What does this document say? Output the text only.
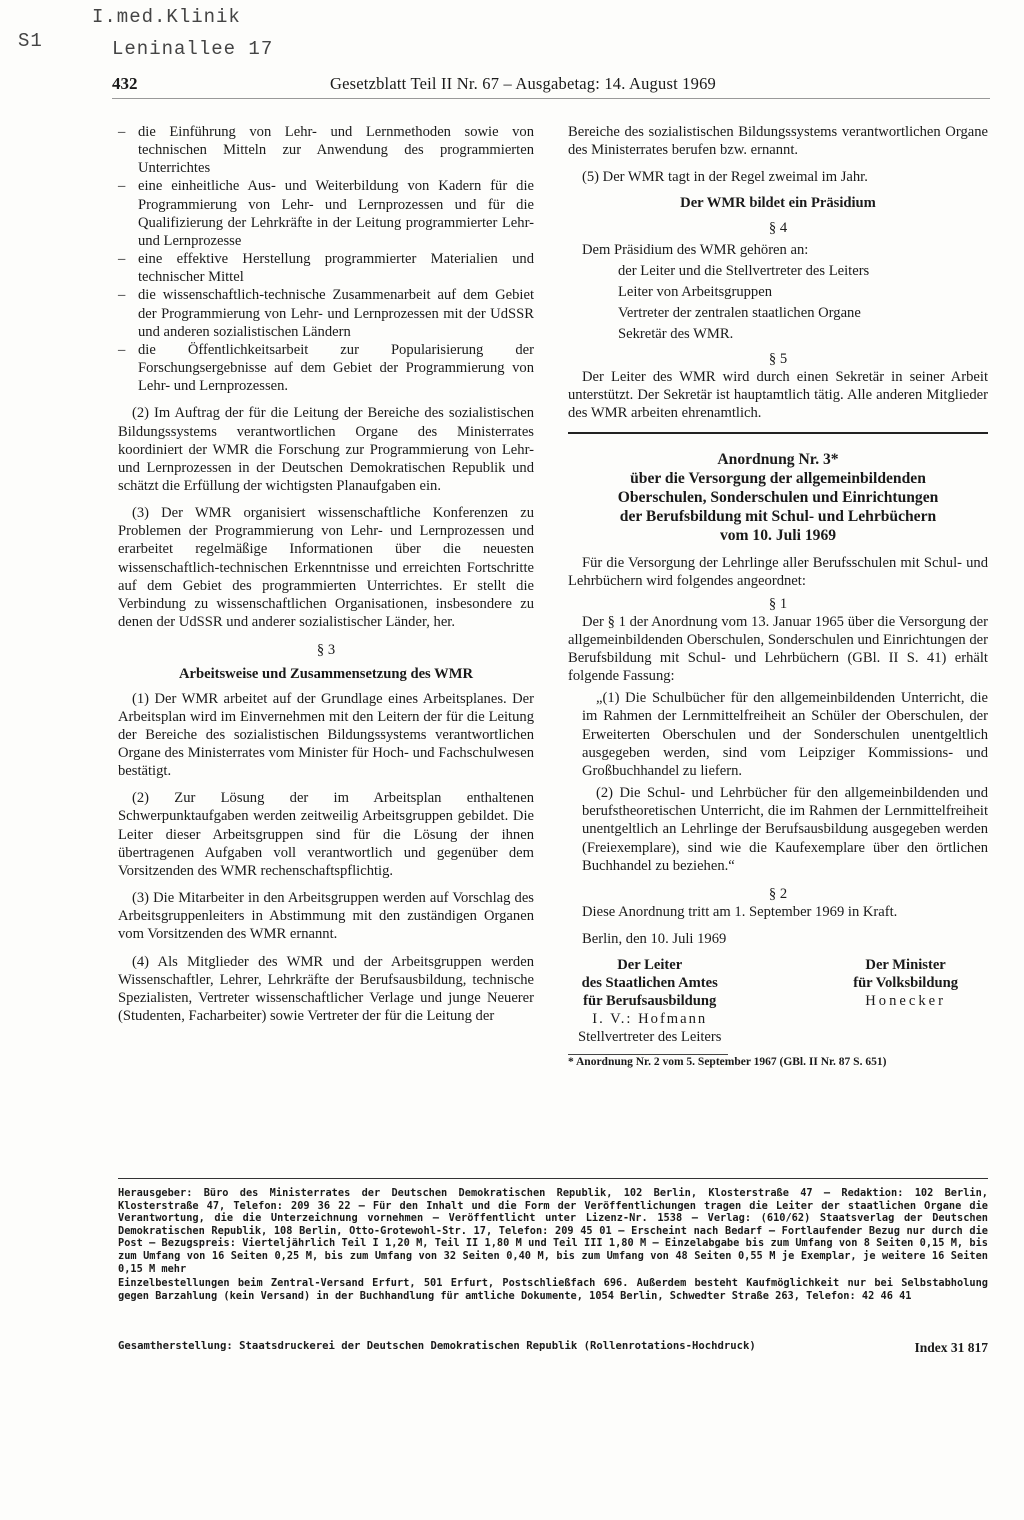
S1
I.med.Klinik
Leninallee 17
432	Gesetzblatt Teil II Nr. 67 – Ausgabetag: 14. August 1969
– die Einführung von Lehr- und Lernmethoden sowie von technischen Mitteln zur Anwendung des programmierten Unterrichtes
– eine einheitliche Aus- und Weiterbildung von Kadern für die Programmierung von Lehr- und Lernprozessen und für die Qualifizierung der Lehrkräfte in der Leitung programmierter Lehr- und Lernprozesse
– eine effektive Herstellung programmierter Materialien und technischer Mittel
– die wissenschaftlich-technische Zusammenarbeit auf dem Gebiet der Programmierung von Lehr- und Lernprozessen mit der UdSSR und anderen sozialistischen Ländern
– die Öffentlichkeitsarbeit zur Popularisierung der Forschungsergebnisse auf dem Gebiet der Programmierung von Lehr- und Lernprozessen.
(2) Im Auftrag der für die Leitung der Bereiche des sozialistischen Bildungssystems verantwortlichen Organe des Ministerrates koordiniert der WMR die Forschung zur Programmierung von Lehr- und Lernprozessen in der Deutschen Demokratischen Republik und schätzt die Erfüllung der wichtigsten Planaufgaben ein.
(3) Der WMR organisiert wissenschaftliche Konferenzen zu Problemen der Programmierung von Lehr- und Lernprozessen und erarbeitet regelmäßige Informationen über die neuesten wissenschaftlich-technischen Erkenntnisse und erreichten Fortschritte auf dem Gebiet des programmierten Unterrichtes. Er stellt die Verbindung zu wissenschaftlichen Organisationen, insbesondere zu denen der UdSSR und anderer sozialistischer Länder, her.
§ 3
Arbeitsweise und Zusammensetzung des WMR
(1) Der WMR arbeitet auf der Grundlage eines Arbeitsplanes. Der Arbeitsplan wird im Einvernehmen mit den Leitern der für die Leitung der Bereiche des sozialistischen Bildungssystems verantwortlichen Organe des Ministerrates vom Minister für Hoch- und Fachschulwesen bestätigt.
(2) Zur Lösung der im Arbeitsplan enthaltenen Schwerpunktaufgaben werden zeitweilig Arbeitsgruppen gebildet. Die Leiter dieser Arbeitsgruppen sind für die Lösung der ihnen übertragenen Aufgaben voll verantwortlich und gegenüber dem Vorsitzenden des WMR rechenschaftspflichtig.
(3) Die Mitarbeiter in den Arbeitsgruppen werden auf Vorschlag des Arbeitsgruppenleiters in Abstimmung mit den zuständigen Organen vom Vorsitzenden des WMR ernannt.
(4) Als Mitglieder des WMR und der Arbeitsgruppen werden Wissenschaftler, Lehrer, Lehrkräfte der Berufsausbildung, technische Spezialisten, Vertreter wissenschaftlicher Verlage und junge Neuerer (Studenten, Facharbeiter) sowie Vertreter der für die Leitung der
Bereiche des sozialistischen Bildungssystems verantwortlichen Organe des Ministerrates berufen bzw. ernannt.
(5) Der WMR tagt in der Regel zweimal im Jahr.
Der WMR bildet ein Präsidium
§ 4
Dem Präsidium des WMR gehören an:
der Leiter und die Stellvertreter des Leiters
Leiter von Arbeitsgruppen
Vertreter der zentralen staatlichen Organe
Sekretär des WMR.
§ 5
Der Leiter des WMR wird durch einen Sekretär in seiner Arbeit unterstützt. Der Sekretär ist hauptamtlich tätig. Alle anderen Mitglieder des WMR arbeiten ehrenamtlich.
Anordnung Nr. 3*
über die Versorgung der allgemeinbildenden
Oberschulen, Sonderschulen und Einrichtungen
der Berufsbildung mit Schul- und Lehrbüchern
vom 10. Juli 1969
Für die Versorgung der Lehrlinge aller Berufsschulen mit Schul- und Lehrbüchern wird folgendes angeordnet:
§ 1
Der § 1 der Anordnung vom 13. Januar 1965 über die Versorgung der allgemeinbildenden Oberschulen, Sonderschulen und Einrichtungen der Berufsbildung mit Schul- und Lehrbüchern (GBl. II S. 41) erhält folgende Fassung:
„(1) Die Schulbücher für den allgemeinbildenden Unterricht, die im Rahmen der Lernmittelfreiheit an Schüler der Oberschulen, der Erweiterten Oberschulen und der Sonderschulen unentgeltlich ausgegeben werden, sind vom Leipziger Kommissions- und Großbuchhandel zu liefern.
(2) Die Schul- und Lehrbücher für den allgemeinbildenden und berufstheoretischen Unterricht, die im Rahmen der Lernmittelfreiheit unentgeltlich an Lehrlinge der Berufsausbildung ausgegeben werden (Freiexemplare), sind wie die Kaufexemplare über den örtlichen Buchhandel zu beziehen.“
§ 2
Diese Anordnung tritt am 1. September 1969 in Kraft.
Berlin, den 10. Juli 1969
Der Leiter
des Staatlichen Amtes
für Berufsausbildung
I. V.: Hofmann
Stellvertreter des Leiters
Der Minister
für Volksbildung
Honecker
* Anordnung Nr. 2 vom 5. September 1967 (GBl. II Nr. 87 S. 651)

Herausgeber: Büro des Ministerrates der Deutschen Demokratischen Republik, 102 Berlin, Klosterstraße 47 – Redaktion: 102 Berlin, Klosterstraße 47, Telefon: 209 36 22 – Für den Inhalt und die Form der Veröffentlichungen tragen die Leiter der staatlichen Organe die Verantwortung, die die Unterzeichnung vornehmen – Veröffentlicht unter Lizenz-Nr. 1538 – Verlag: (610/62) Staatsverlag der Deutschen Demokratischen Republik, 108 Berlin, Otto-Grotewohl-Str. 17, Telefon: 209 45 01 – Erscheint nach Bedarf – Fortlaufender Bezug nur durch die Post – Bezugspreis: Vierteljährlich Teil I 1,20 M, Teil II 1,80 M und Teil III 1,80 M – Einzelabgabe bis zum Umfang von 8 Seiten 0,15 M, bis zum Umfang von 16 Seiten 0,25 M, bis zum Umfang von 32 Seiten 0,40 M, bis zum Umfang von 48 Seiten 0,55 M je Exemplar, je weitere 16 Seiten 0,15 M mehr

Einzelbestellungen beim Zentral-Versand Erfurt, 501 Erfurt, Postschließfach 696. Außerdem besteht Kaufmöglichkeit nur bei Selbstabholung gegen Barzahlung (kein Versand) in der Buchhandlung für amtliche Dokumente, 1054 Berlin, Schwedter Straße 263, Telefon: 42 46 41

Gesamtherstellung: Staatsdruckerei der Deutschen Demokratischen Republik (Rollenrotations-Hochdruck)	Index 31 817
